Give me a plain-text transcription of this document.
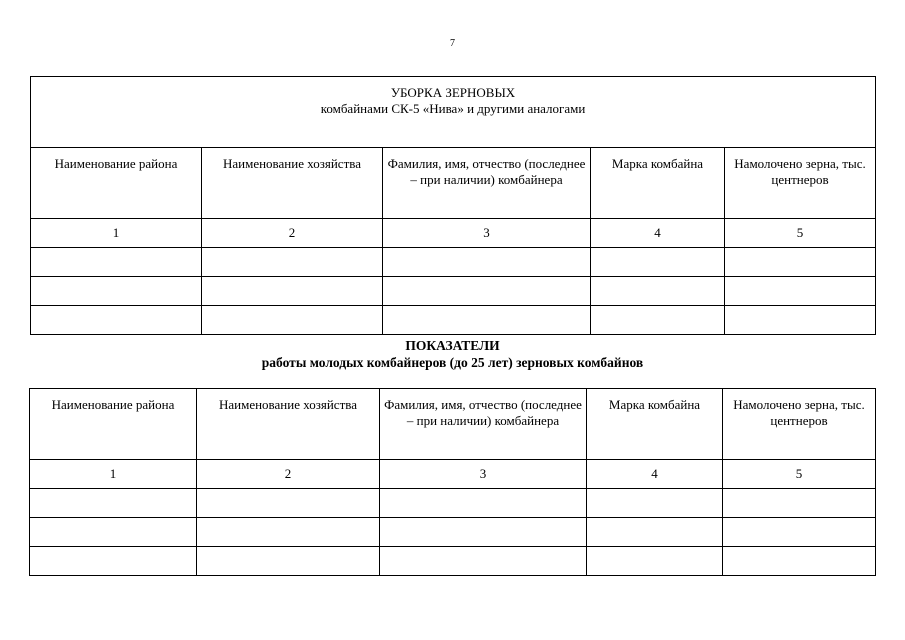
7
УБОРКА ЗЕРНОВЫХ
комбайнами СК-5 «Нива» и другими аналогами				

Наименование района	Наименование хозяйства	Фамилия, имя, отчество (последнее – при наличии) комбайнера	Марка комбайна	Намолочено зерна, тыс. центнеров
1	2	3	4	5

ПОКАЗАТЕЛИ
работы молодых комбайнеров (до 25 лет) зерновых комбайнов
Наименование района	Наименование хозяйства	Фамилия, имя, отчество (последнее – при наличии) комбайнера	Марка комбайна	Намолочено зерна, тыс. центнеров
1	2	3	4	5
